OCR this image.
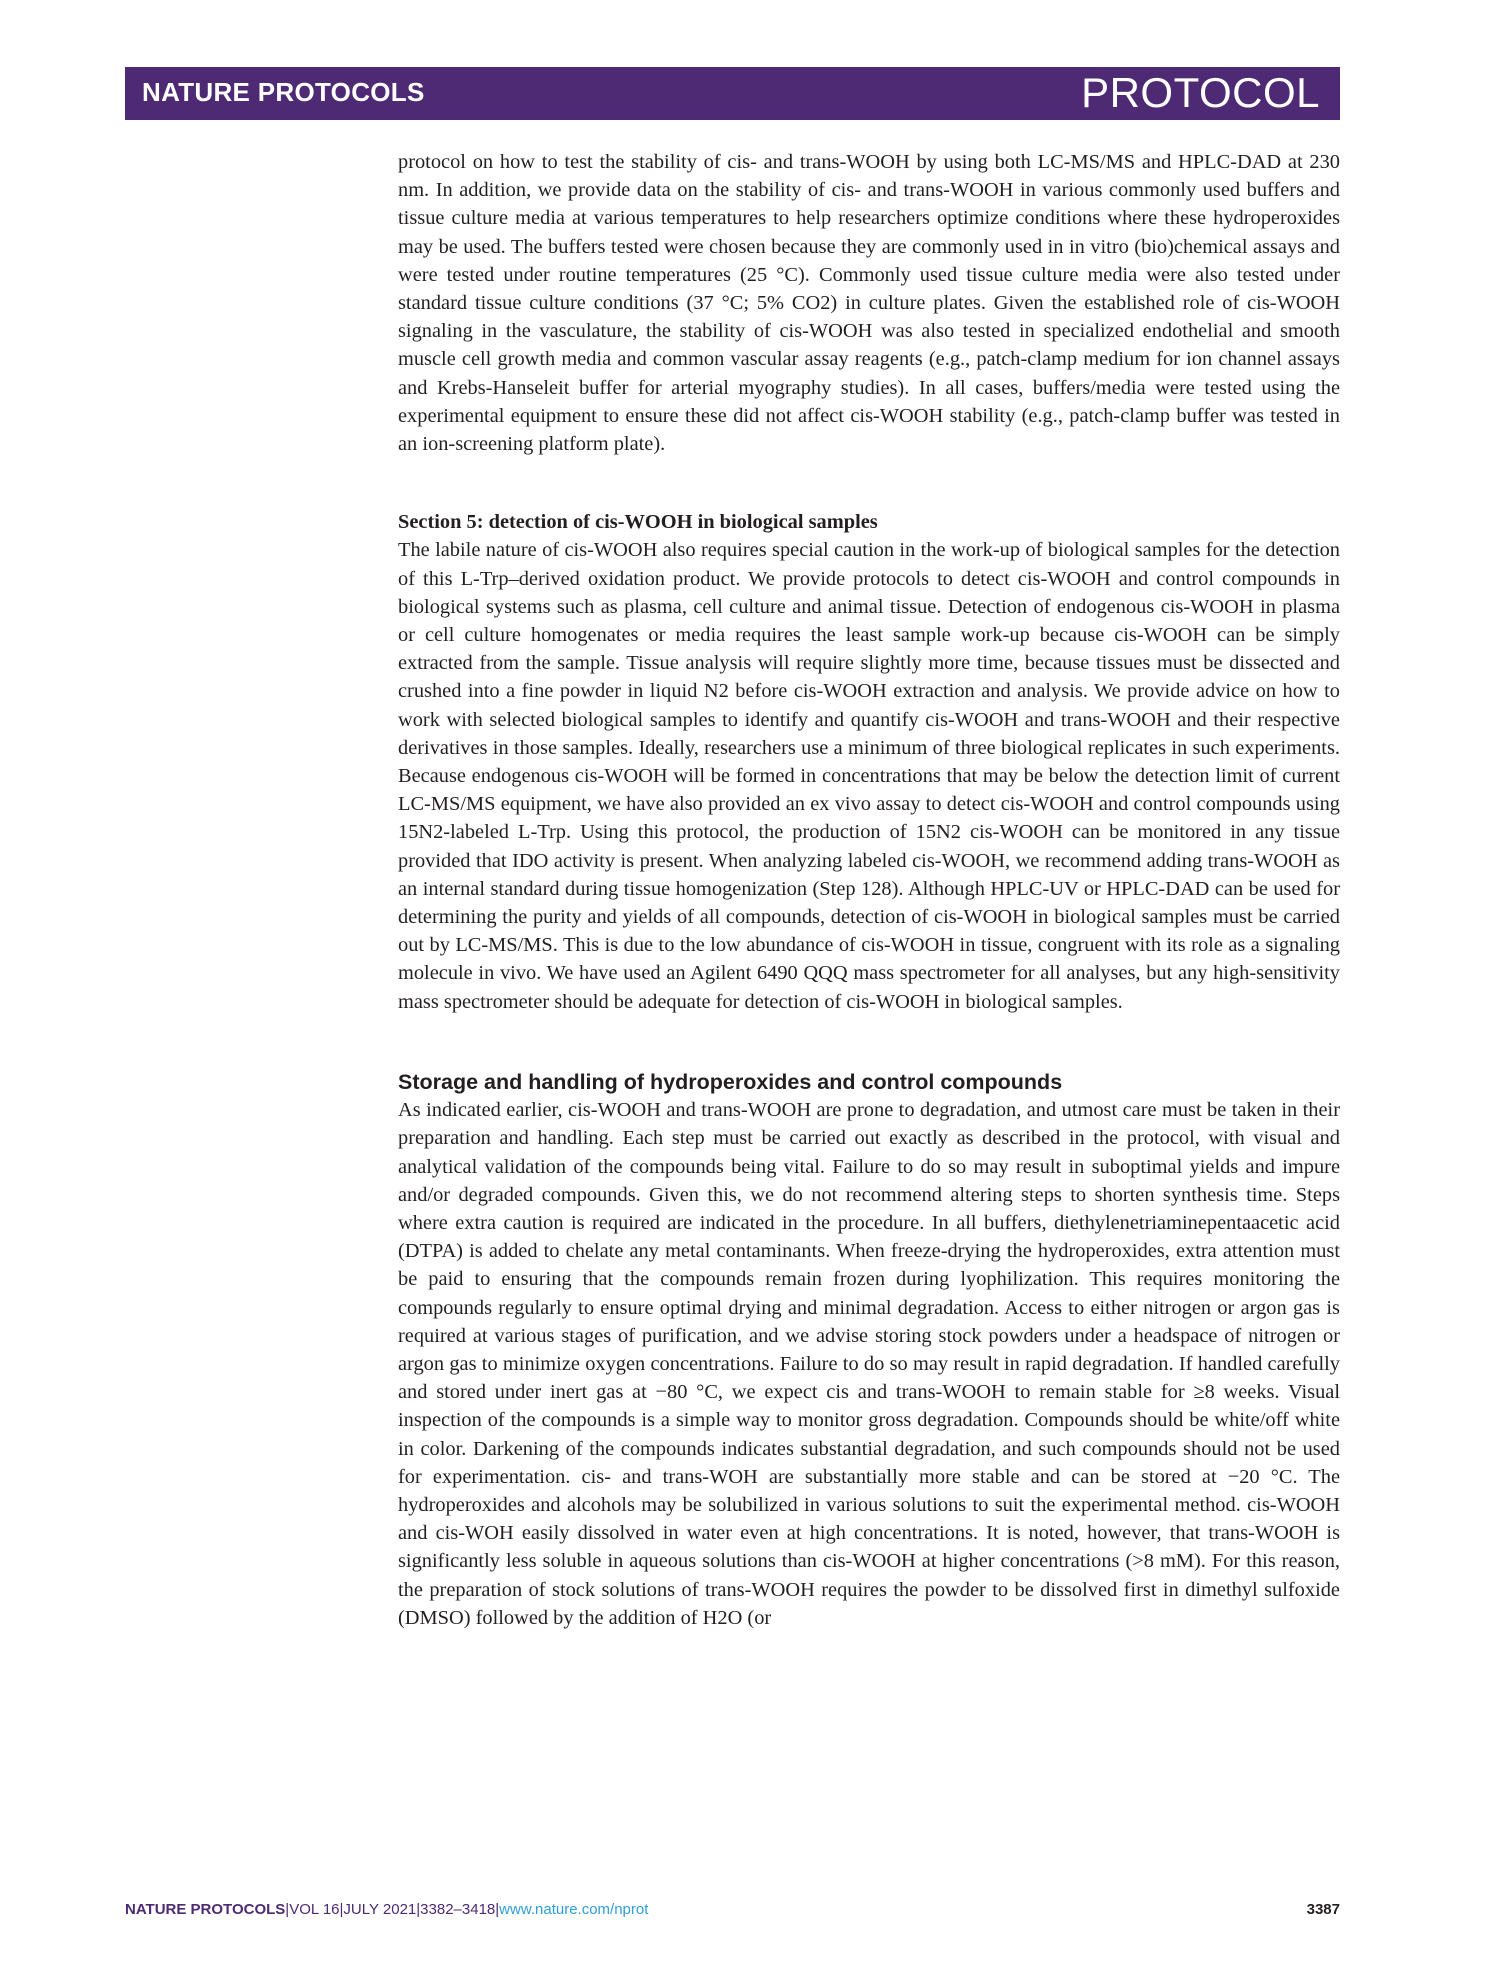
NATURE PROTOCOLS	PROTOCOL

protocol on how to test the stability of cis- and trans-WOOH by using both LC-MS/MS and HPLC-DAD at 230 nm. In addition, we provide data on the stability of cis- and trans-WOOH in various commonly used buffers and tissue culture media at various temperatures to help researchers optimize conditions where these hydroperoxides may be used. The buffers tested were chosen because they are commonly used in in vitro (bio)chemical assays and were tested under routine temperatures (25 °C). Commonly used tissue culture media were also tested under standard tissue culture conditions (37 °C; 5% CO2) in culture plates. Given the established role of cis-WOOH signaling in the vasculature, the stability of cis-WOOH was also tested in specialized endothelial and smooth muscle cell growth media and common vascular assay reagents (e.g., patch-clamp medium for ion channel assays and Krebs-Hanseleit buffer for arterial myography studies). In all cases, buffers/media were tested using the experimental equipment to ensure these did not affect cis-WOOH stability (e.g., patch-clamp buffer was tested in an ion-screening platform plate).

Section 5: detection of cis-WOOH in biological samples

The labile nature of cis-WOOH also requires special caution in the work-up of biological samples for the detection of this L-Trp–derived oxidation product. We provide protocols to detect cis-WOOH and control compounds in biological systems such as plasma, cell culture and animal tissue. Detection of endogenous cis-WOOH in plasma or cell culture homogenates or media requires the least sample work-up because cis-WOOH can be simply extracted from the sample. Tissue analysis will require slightly more time, because tissues must be dissected and crushed into a fine powder in liquid N2 before cis-WOOH extraction and analysis. We provide advice on how to work with selected biological samples to identify and quantify cis-WOOH and trans-WOOH and their respective derivatives in those samples. Ideally, researchers use a minimum of three biological replicates in such experiments. Because endogenous cis-WOOH will be formed in concentrations that may be below the detection limit of current LC-MS/MS equipment, we have also provided an ex vivo assay to detect cis-WOOH and control compounds using 15N2-labeled L-Trp. Using this protocol, the production of 15N2 cis-WOOH can be monitored in any tissue provided that IDO activity is present. When analyzing labeled cis-WOOH, we recommend adding trans-WOOH as an internal standard during tissue homogenization (Step 128). Although HPLC-UV or HPLC-DAD can be used for determining the purity and yields of all compounds, detection of cis-WOOH in biological samples must be carried out by LC-MS/MS. This is due to the low abundance of cis-WOOH in tissue, congruent with its role as a signaling molecule in vivo. We have used an Agilent 6490 QQQ mass spectrometer for all analyses, but any high-sensitivity mass spectrometer should be adequate for detection of cis-WOOH in biological samples.

Storage and handling of hydroperoxides and control compounds

As indicated earlier, cis-WOOH and trans-WOOH are prone to degradation, and utmost care must be taken in their preparation and handling. Each step must be carried out exactly as described in the protocol, with visual and analytical validation of the compounds being vital. Failure to do so may result in suboptimal yields and impure and/or degraded compounds. Given this, we do not recommend altering steps to shorten synthesis time. Steps where extra caution is required are indicated in the procedure. In all buffers, diethylenetriaminepentaacetic acid (DTPA) is added to chelate any metal contaminants. When freeze-drying the hydroperoxides, extra attention must be paid to ensuring that the compounds remain frozen during lyophilization. This requires monitoring the compounds regularly to ensure optimal drying and minimal degradation. Access to either nitrogen or argon gas is required at various stages of purification, and we advise storing stock powders under a headspace of nitrogen or argon gas to minimize oxygen concentrations. Failure to do so may result in rapid degradation. If handled carefully and stored under inert gas at −80 °C, we expect cis and trans-WOOH to remain stable for ≥8 weeks. Visual inspection of the compounds is a simple way to monitor gross degradation. Compounds should be white/off white in color. Darkening of the compounds indicates substantial degradation, and such compounds should not be used for experimentation. cis- and trans-WOH are substantially more stable and can be stored at −20 °C. The hydroperoxides and alcohols may be solubilized in various solutions to suit the experimental method. cis-WOOH and cis-WOH easily dissolved in water even at high concentrations. It is noted, however, that trans-WOOH is significantly less soluble in aqueous solutions than cis-WOOH at higher concentrations (>8 mM). For this reason, the preparation of stock solutions of trans-WOOH requires the powder to be dissolved first in dimethyl sulfoxide (DMSO) followed by the addition of H2O (or

NATURE PROTOCOLS|VOL 16|JULY 2021|3382–3418|www.nature.com/nprot	3387
